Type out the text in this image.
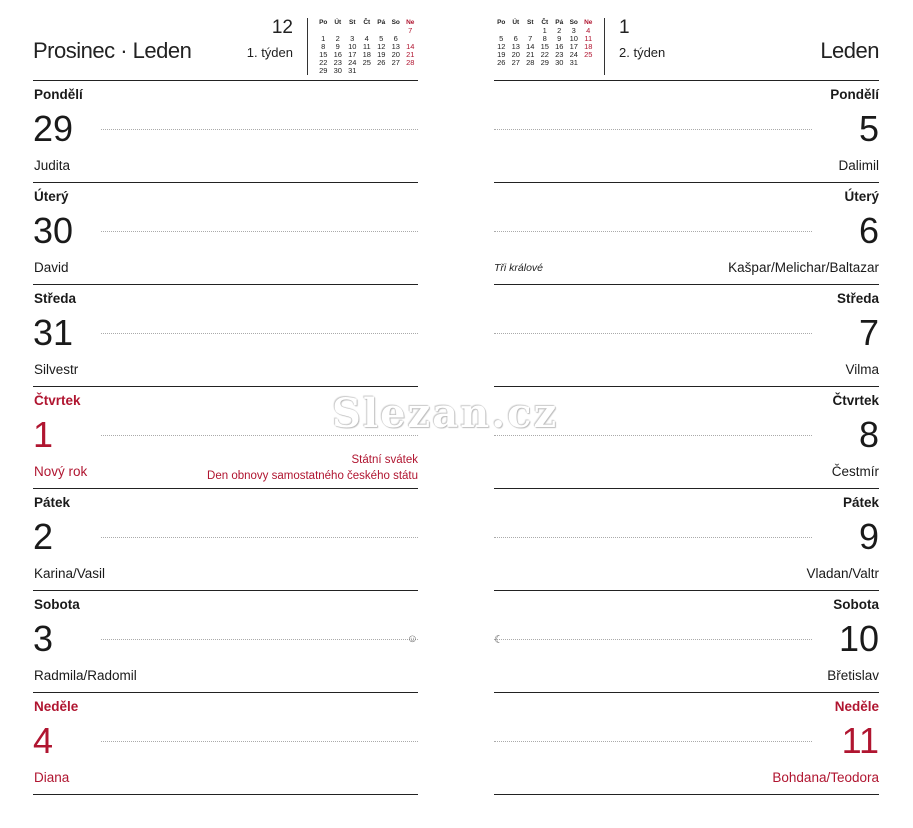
Prosinec · Leden
12
1. týden
Po	Út	St	Čt	Pá	So	Ne
						7
1	2	3	4	5	6	
8	9	10	11	12	13	14
15	16	17	18	19	20	21
22	23	24	25	26	27	28
29	30	31				
Pondělí
29
Judita
Úterý
30
David
Středa
31
Silvestr
Čtvrtek
1
Nový rok
Státní svátek
Den obnovy samostatného českého státu
Pátek
2
Karina/Vasil
Sobota
3
Radmila/Radomil
☺
Neděle
4
Diana
Leden
1
2. týden
Po	Út	St	Čt	Pá	So	Ne
			1	2	3	4
5	6	7	8	9	10	11
12	13	14	15	16	17	18
19	20	21	22	23	24	25
26	27	28	29	30	31	
Pondělí
5
Dalimil
Úterý
6
Kašpar/Melichar/Baltazar
Tři králové
Středa
7
Vilma
Čtvrtek
8
Čestmír
Pátek
9
Vladan/Valtr
Sobota
10
Břetislav
☾
Neděle
11
Bohdana/Teodora
Slezan.cz
